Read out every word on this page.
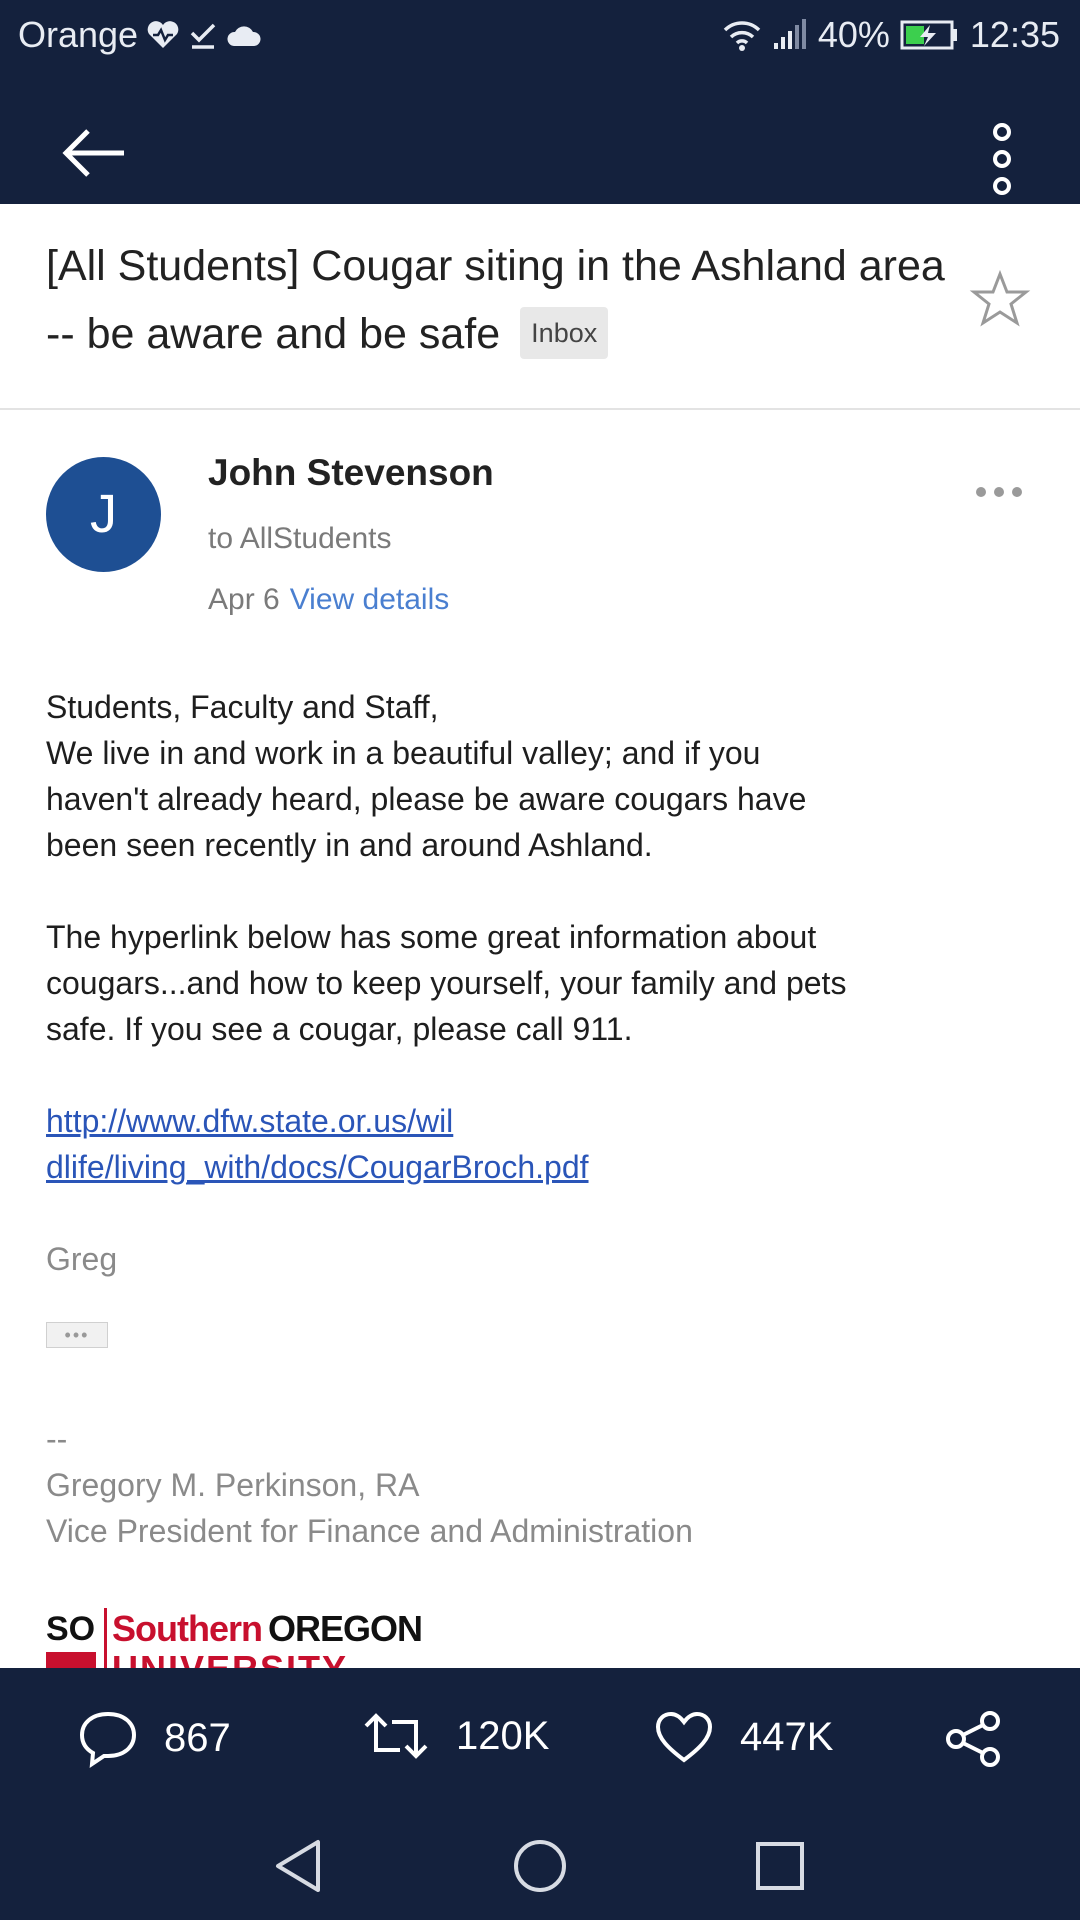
Orange	40% 12:35
[All Students] Cougar siting in the Ashland area -- be aware and be safe Inbox
J
John Stevenson
to AllStudents
Apr 6 View details

Students, Faculty and Staff,
We live in and work in a beautiful valley; and if you
haven't already heard, please be aware cougars have
been seen recently in and around Ashland.

The hyperlink below has some great information about
cougars...and how to keep yourself, your family and pets
safe. If you see a cougar, please call 911.

http://www.dfw.state.or.us/wil
dlife/living_with/docs/CougarBroch.pdf
Greg
•••
--
Gregory M. Perkinson, RA
Vice President for Finance and Administration
SO Southern OREGON
867	120K	447K
